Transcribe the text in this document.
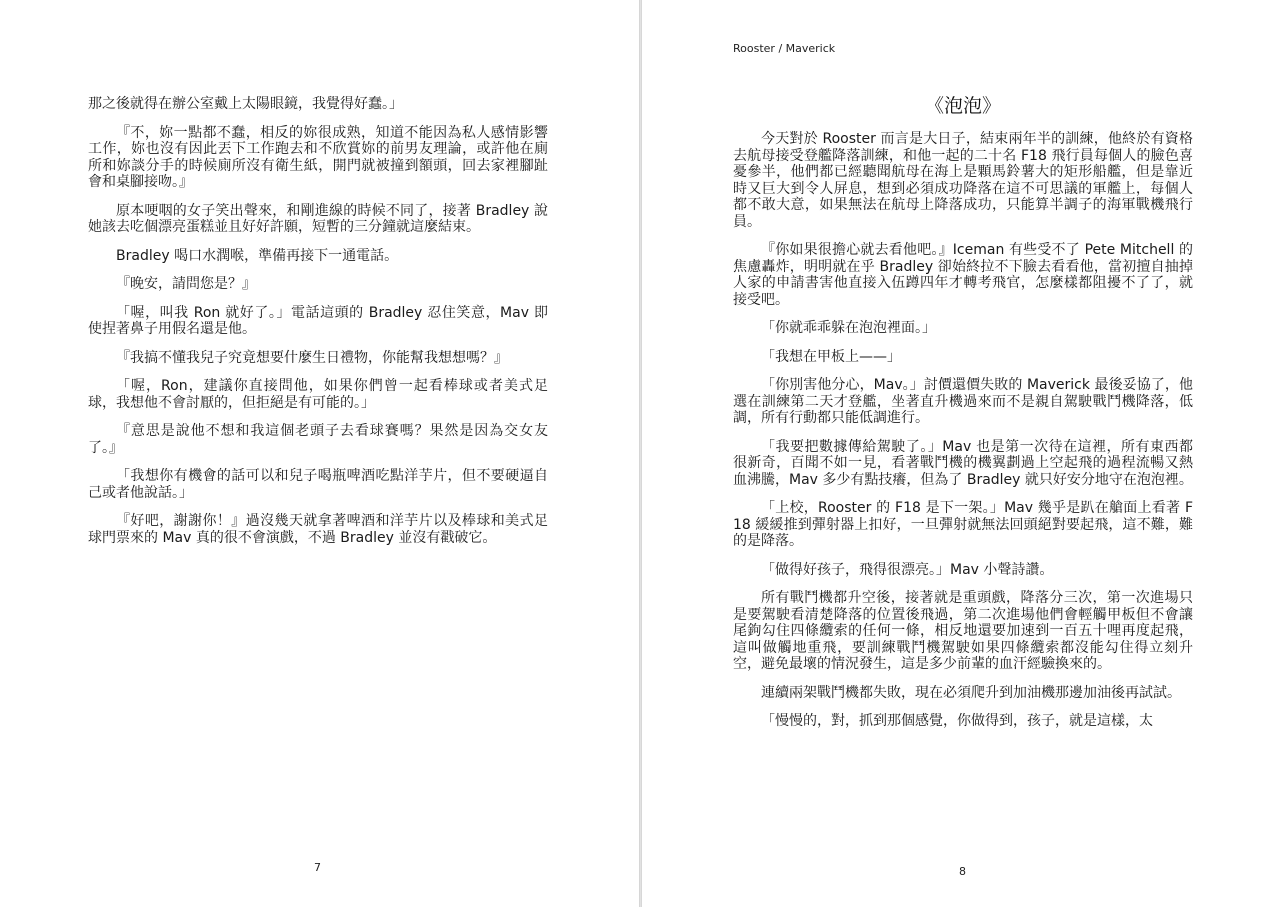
那之後就得在辦公室戴上太陽眼鏡，我覺得好蠢。」

『不，妳一點都不蠢，相反的妳很成熟，知道不能因為私人感情影響工作，妳也沒有因此丟下工作跑去和不欣賞妳的前男友理論，或許他在廁所和妳談分手的時候廁所沒有衛生紙，開門就被撞到額頭，回去家裡腳趾會和桌腳接吻。』

原本哽咽的女子笑出聲來，和剛進線的時候不同了，接著 Bradley 說她該去吃個漂亮蛋糕並且好好許願，短暫的三分鐘就這麼結束。

Bradley 喝口水潤喉，準備再接下一通電話。

『晚安，請問您是？』

「喔，叫我 Ron 就好了。」電話這頭的 Bradley 忍住笑意，Mav 即使捏著鼻子用假名還是他。

『我搞不懂我兒子究竟想要什麼生日禮物，你能幫我想想嗎？』

「喔，Ron，建議你直接問他，如果你們曾一起看棒球或者美式足球，我想他不會討厭的，但拒絕是有可能的。」

『意思是說他不想和我這個老頭子去看球賽嗎？果然是因為交女友了。』

「我想你有機會的話可以和兒子喝瓶啤酒吃點洋芋片，但不要硬逼自己或者他說話。」

『好吧，謝謝你！』過沒幾天就拿著啤酒和洋芋片以及棒球和美式足球門票來的 Mav 真的很不會演戲，不過 Bradley 並沒有戳破它。

7
Rooster / Maverick
《泡泡》

今天對於 Rooster 而言是大日子，結束兩年半的訓練，他終於有資格去航母接受登艦降落訓練，和他一起的二十名 F18 飛行員每個人的臉色喜憂參半，他們都已經聽聞航母在海上是顆馬鈴薯大的矩形船艦，但是靠近時又巨大到令人屏息，想到必須成功降落在這不可思議的軍艦上，每個人都不敢大意，如果無法在航母上降落成功，只能算半調子的海軍戰機飛行員。

『你如果很擔心就去看他吧。』Iceman 有些受不了 Pete Mitchell 的焦慮轟炸，明明就在乎 Bradley 卻始終拉不下臉去看看他，當初擅自抽掉人家的申請書害他直接入伍蹲四年才轉考飛官，怎麼樣都阻擾不了了，就接受吧。

「你就乖乖躲在泡泡裡面。」

「我想在甲板上——」

「你別害他分心，Mav。」討價還價失敗的 Maverick 最後妥協了，他選在訓練第二天才登艦，坐著直升機過來而不是親自駕駛戰鬥機降落，低調，所有行動都只能低調進行。

「我要把數據傳給駕駛了。」Mav 也是第一次待在這裡，所有東西都很新奇，百聞不如一見，看著戰鬥機的機翼劃過上空起飛的過程流暢又熱血沸騰，Mav 多少有點技癢，但為了 Bradley 就只好安分地守在泡泡裡。

「上校，Rooster 的 F18 是下一架。」Mav 幾乎是趴在艙面上看著 F18 緩緩推到彈射器上扣好，一旦彈射就無法回頭絕對要起飛，這不難，難的是降落。

「做得好孩子，飛得很漂亮。」Mav 小聲詩讚。

所有戰鬥機都升空後，接著就是重頭戲，降落分三次，第一次進場只是要駕駛看清楚降落的位置後飛過，第二次進場他們會輕觸甲板但不會讓尾鉤勾住四條纜索的任何一條，相反地還要加速到一百五十哩再度起飛，這叫做觸地重飛，要訓練戰鬥機駕駛如果四條纜索都沒能勾住得立刻升空，避免最壞的情況發生，這是多少前輩的血汗經驗換來的。

連續兩架戰鬥機都失敗，現在必須爬升到加油機那邊加油後再試試。

「慢慢的，對，抓到那個感覺，你做得到，孩子，就是這樣，太

8
